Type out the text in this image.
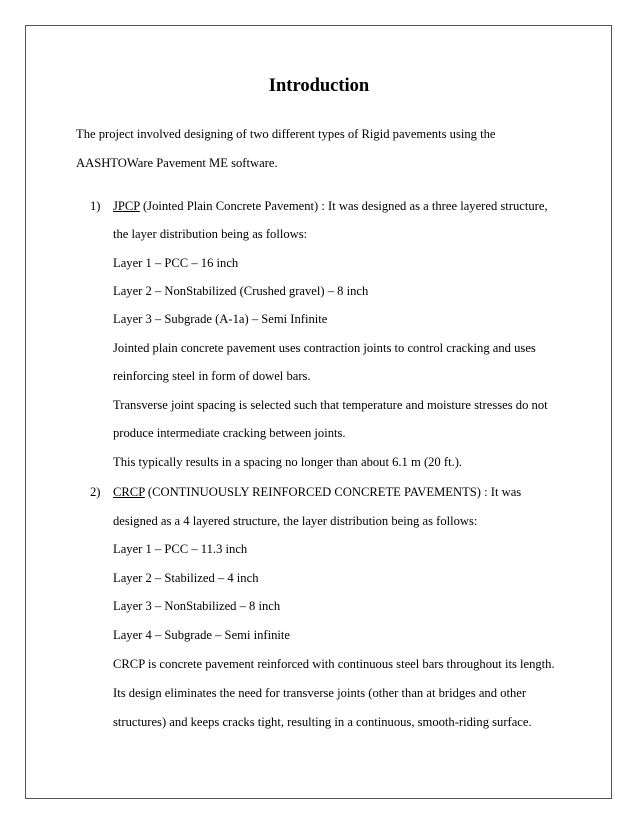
Introduction
The project involved designing of two different types of Rigid pavements using the
AASHTOWare Pavement ME software.
1) JPCP (Jointed Plain Concrete Pavement) : It was designed as a three layered structure,
the layer distribution being as follows:
Layer 1 – PCC – 16 inch
Layer 2 – NonStabilized (Crushed gravel) – 8 inch
Layer 3 – Subgrade (A-1a) – Semi Infinite
Jointed plain concrete pavement uses contraction joints to control cracking and uses
reinforcing steel in form of dowel bars.
Transverse joint spacing is selected such that temperature and moisture stresses do not
produce intermediate cracking between joints.
This typically results in a spacing no longer than about 6.1 m (20 ft.).
2) CRCP (CONTINUOUSLY REINFORCED CONCRETE PAVEMENTS) : It was
designed as a 4 layered structure, the layer distribution being as follows:
Layer 1 – PCC – 11.3 inch
Layer 2 – Stabilized – 4 inch
Layer 3 – NonStabilized – 8 inch
Layer 4 – Subgrade – Semi infinite
CRCP is concrete pavement reinforced with continuous steel bars throughout its length.
Its design eliminates the need for transverse joints (other than at bridges and other
structures) and keeps cracks tight, resulting in a continuous, smooth-riding surface.
